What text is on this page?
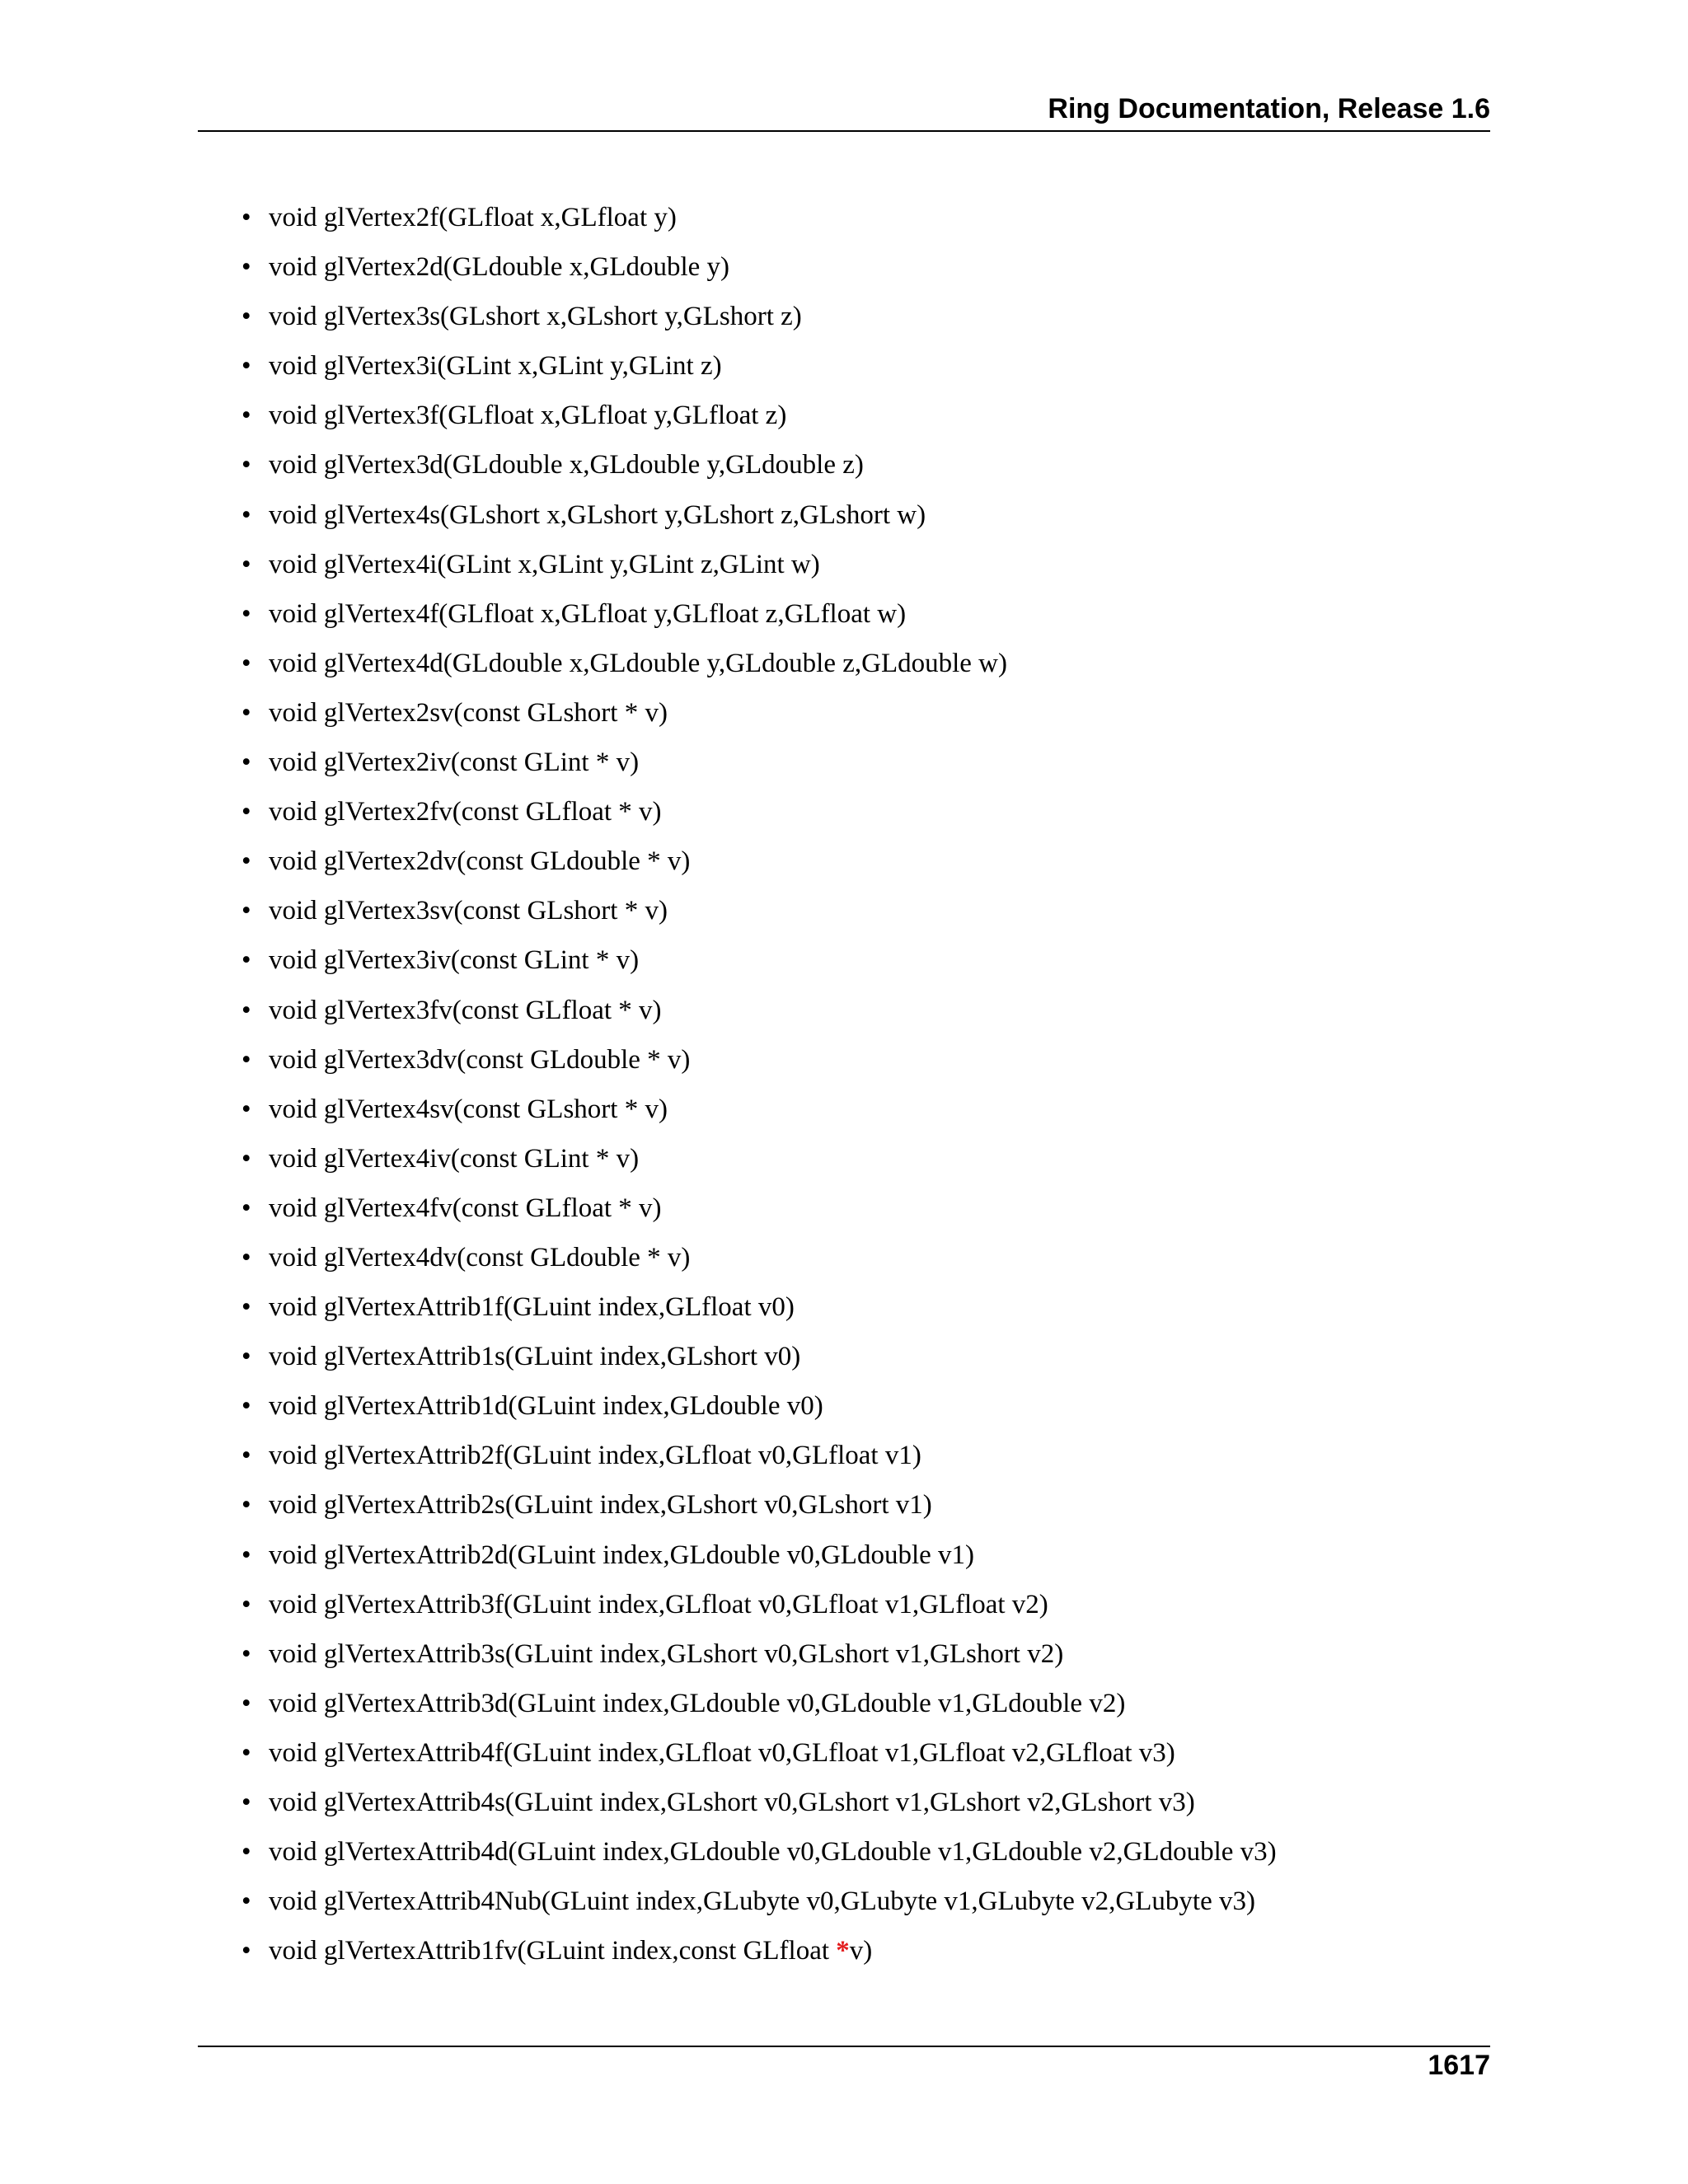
Ring Documentation, Release 1.6
• void glVertex2f(GLfloat x,GLfloat y)
• void glVertex2d(GLdouble x,GLdouble y)
• void glVertex3s(GLshort x,GLshort y,GLshort z)
• void glVertex3i(GLint x,GLint y,GLint z)
• void glVertex3f(GLfloat x,GLfloat y,GLfloat z)
• void glVertex3d(GLdouble x,GLdouble y,GLdouble z)
• void glVertex4s(GLshort x,GLshort y,GLshort z,GLshort w)
• void glVertex4i(GLint x,GLint y,GLint z,GLint w)
• void glVertex4f(GLfloat x,GLfloat y,GLfloat z,GLfloat w)
• void glVertex4d(GLdouble x,GLdouble y,GLdouble z,GLdouble w)
• void glVertex2sv(const GLshort * v)
• void glVertex2iv(const GLint * v)
• void glVertex2fv(const GLfloat * v)
• void glVertex2dv(const GLdouble * v)
• void glVertex3sv(const GLshort * v)
• void glVertex3iv(const GLint * v)
• void glVertex3fv(const GLfloat * v)
• void glVertex3dv(const GLdouble * v)
• void glVertex4sv(const GLshort * v)
• void glVertex4iv(const GLint * v)
• void glVertex4fv(const GLfloat * v)
• void glVertex4dv(const GLdouble * v)
• void glVertexAttrib1f(GLuint index,GLfloat v0)
• void glVertexAttrib1s(GLuint index,GLshort v0)
• void glVertexAttrib1d(GLuint index,GLdouble v0)
• void glVertexAttrib2f(GLuint index,GLfloat v0,GLfloat v1)
• void glVertexAttrib2s(GLuint index,GLshort v0,GLshort v1)
• void glVertexAttrib2d(GLuint index,GLdouble v0,GLdouble v1)
• void glVertexAttrib3f(GLuint index,GLfloat v0,GLfloat v1,GLfloat v2)
• void glVertexAttrib3s(GLuint index,GLshort v0,GLshort v1,GLshort v2)
• void glVertexAttrib3d(GLuint index,GLdouble v0,GLdouble v1,GLdouble v2)
• void glVertexAttrib4f(GLuint index,GLfloat v0,GLfloat v1,GLfloat v2,GLfloat v3)
• void glVertexAttrib4s(GLuint index,GLshort v0,GLshort v1,GLshort v2,GLshort v3)
• void glVertexAttrib4d(GLuint index,GLdouble v0,GLdouble v1,GLdouble v2,GLdouble v3)
• void glVertexAttrib4Nub(GLuint index,GLubyte v0,GLubyte v1,GLubyte v2,GLubyte v3)
• void glVertexAttrib1fv(GLuint index,const GLfloat *v)
1617
